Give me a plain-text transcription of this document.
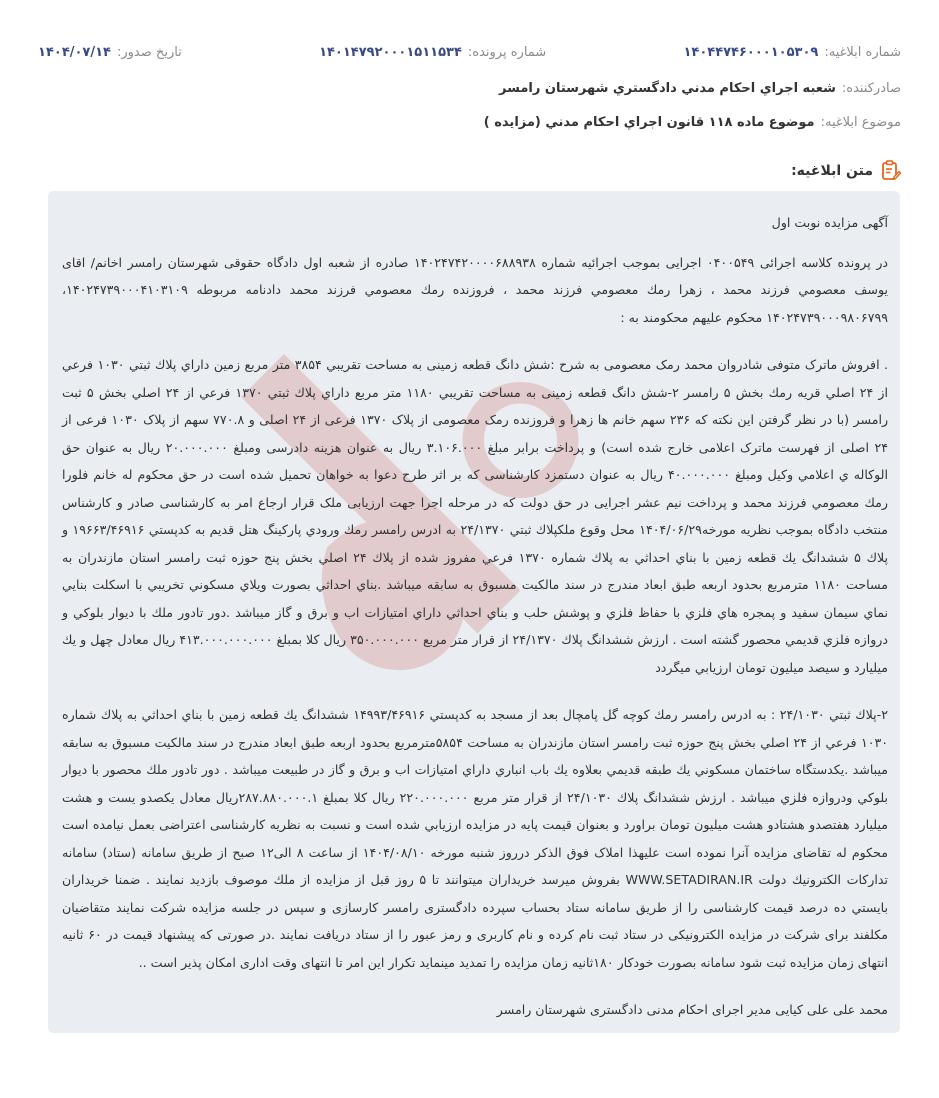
شماره ابلاغيه:
۱۴۰۴۴۷۴۶۰۰۰۱۰۵۳۰۹
شماره پرونده:
۱۴۰۱۴۷۹۲۰۰۰۱۵۱۱۵۳۴
تاريخ صدور:
۱۴۰۴/۰۷/۱۴
صادرکننده:
شعبه اجراي احکام مدني دادگستري شهرستان رامسر
موضوع ابلاغيه:
موضوع ماده ۱۱۸ قانون اجراي احکام مدني (مزايده )
متن ابلاغيه:

آگهی مزایده نوبت اول

در پرونده کلاسه اجرائی ۰۴۰۰۵۴۹ اجرایی بموجب اجرائيه شماره ۱۴۰۲۴۷۴۲۰۰۰۰۶۸۸۹۳۸ صادره از شعبه اول دادگاه حقوقی شهرستان رامسر اخانم/ اقای يوسف معصومي فرزند محمد ، زهرا رمك معصومي فرزند محمد ، فروزنده رمك معصومي فرزند محمد دادنامه مربوطه ۱۴۰۲۴۷۳۹۰۰۰۴۱۰۳۱۰۹، ۱۴۰۲۴۷۳۹۰۰۰۹۸۰۶۷۹۹ محکوم عليهم محکومند به :

. افروش ماترک متوفی شادروان محمد رمک معصومی به شرح :شش دانگ قطعه زمینی به مساحت تقريبي ۳۸۵۴ متر مربع زمين داراي پلاك ثبتي ۱۰۳۰ فرعي از ۲۴ اصلي قريه رمك بخش ۵ رامسر ۲-شش دانگ قطعه زمینی به مساحت تقريبي ۱۱۸۰ متر مربع داراي پلاك ثبتي ۱۳۷۰ فرعي از ۲۴ اصلي بخش ۵ ثبت رامسر (با در نظر گرفتن این نکته که ۲۳۶ سهم خانم ها زهرا و فروزنده رمک معصومی از پلاک ۱۳۷۰ فرعی از ۲۴ اصلی و ۷۷۰.۸ سهم از پلاک ۱۰۳۰ فرعی از ۲۴ اصلی از فهرست ماترک اعلامی خارج شده است) و پرداخت برابر مبلغ ۳.۱۰۶.۰۰۰ ریال به عنوان هزينه دادرسی ومبلغ ۲۰.۰۰۰.۰۰۰ ریال به عنوان حق الوكاله ي اعلامي وکیل ومبلغ ۴۰.۰۰۰.۰۰۰ ریال به عنوان دستمزد کارشناسی که بر اثر طرح دعوا به خواهان تحمیل شده است در حق محکوم له خانم فلورا رمك معصومي فرزند محمد و پرداخت نيم عشر اجرایی در حق دولت که در مرحله اجرا جهت ارزیابی ملک قرار ارجاع امر به کارشناسی صادر و کارشناس منتخب دادگاه بموجب نظريه مورخه۱۴۰۴/۰۶/۲۹ محل وقوع ملكپلاك ثبتي ۲۴/۱۳۷۰ به ادرس رامسر رمك ورودي پاركينگ هتل قديم به كدپستي ۱۹۶۶۳/۴۶۹۱۶ و پلاك ۵ ششدانگ يك قطعه زمين با بناي احداثي به پلاك شماره ۱۳۷۰ فرعي مفروز شده از پلاك ۲۴ اصلي بخش پنج حوزه ثبت رامسر استان مازندران به مساحت ۱۱۸۰ مترمربع بحدود اربعه طبق ابعاد مندرج در سند مالكيت مسبوق به سابقه ميباشد .بناي احداثي بصورت ويلاي مسكوني تخريبي با اسكلت بنايي نماي سيمان سفيد و پمجره هاي فلزي با حفاظ فلزي و پوشش حلب و بناي احداثي داراي امتيازات اب و برق و گاز ميباشد .دور تادور ملك با ديوار بلوكي و دروازه فلزي قديمي محصور گشته است . ارزش ششدانگ پلاك ۲۴/۱۳۷۰ از قرار متر مربع ۳۵۰.۰۰۰.۰۰۰ ريال كلا بمبلغ ۴۱۳.۰۰۰.۰۰۰.۰۰۰ ريال معادل چهل و يك ميليارد و سيصد ميليون تومان ارزيابي ميگردد

۲-پلاك ثبتي ۲۴/۱۰۳۰ : به ادرس رامسر رمك كوچه گل پامچال بعد از مسجد به كدپستي ۱۴۹۹۳/۴۶۹۱۶ ششدانگ يك قطعه زمين با بناي احداثي به پلاك شماره ۱۰۳۰ فرعي از ۲۴ اصلي بخش پنج حوزه ثبت رامسر استان مازندران به مساحت ۵۸۵۴مترمربع بحدود اربعه طبق ابعاد مندرج در سند مالكيت مسبوق به سابقه ميباشد .يكدستگاه ساختمان مسكوني يك طبقه قديمي بعلاوه يك باب انباري داراي امتيازات اب و برق و گاز در طبيعت ميباشد . دور تادور ملك محصور با ديوار بلوكي ودروازه فلزي ميباشد . ارزش ششدانگ پلاك ۲۴/۱۰۳۰ از قرار متر مربع ۲۲۰.۰۰۰.۰۰۰ ريال كلا بمبلغ ۲۸۷.۸۸۰.۰۰۰.۱ريال معادل يكصدو يست و هشت ميليارد هفتصدو هشتادو هشت ميليون تومان براورد و بعنوان قيمت پايه در مزايده ارزيابي شده است و نسبت به نظریه کارشناسی اعتراضی بعمل نیامده است محکوم له تقاضای مزایده آنرا نموده است علیهذا املاک فوق الذکر درروز شنبه مورخه ۱۴۰۴/۰۸/۱۰ از ساعت ۸ الی۱۲ صبح از طريق سامانه (ستاد) سامانه تداركات الكترونيك دولت WWW.SETADIRAN.IR بفروش ميرسد خريداران ميتوانند تا ۵ روز قبل از مزايده از ملك موصوف بازديد نمايند . ضمنا خريداران بايستي ده درصد قيمت کارشناسی را از طریق سامانه ستاد بحساب سپرده دادگستری رامسر کارسازی و سپس در جلسه مزایده شرکت نمایند متقاضیان مکلفند برای شرکت در مزایده الکترونیکی در ستاد ثبت نام کرده و نام کاربری و رمز عبور را از ستاد دریافت نمایند .در صورتی که پیشنهاد قیمت در ۶۰ ثانیه انتهای زمان مزایده ثبت شود سامانه بصورت خودکار ۱۸۰ثانیه زمان مزایده را تمدید مینماید تکرار این امر تا انتهای وقت اداری امکان پذیر است ..

محمد علی علی کیایی مدير اجرای احکام مدنی دادگستری شهرستان رامسر
